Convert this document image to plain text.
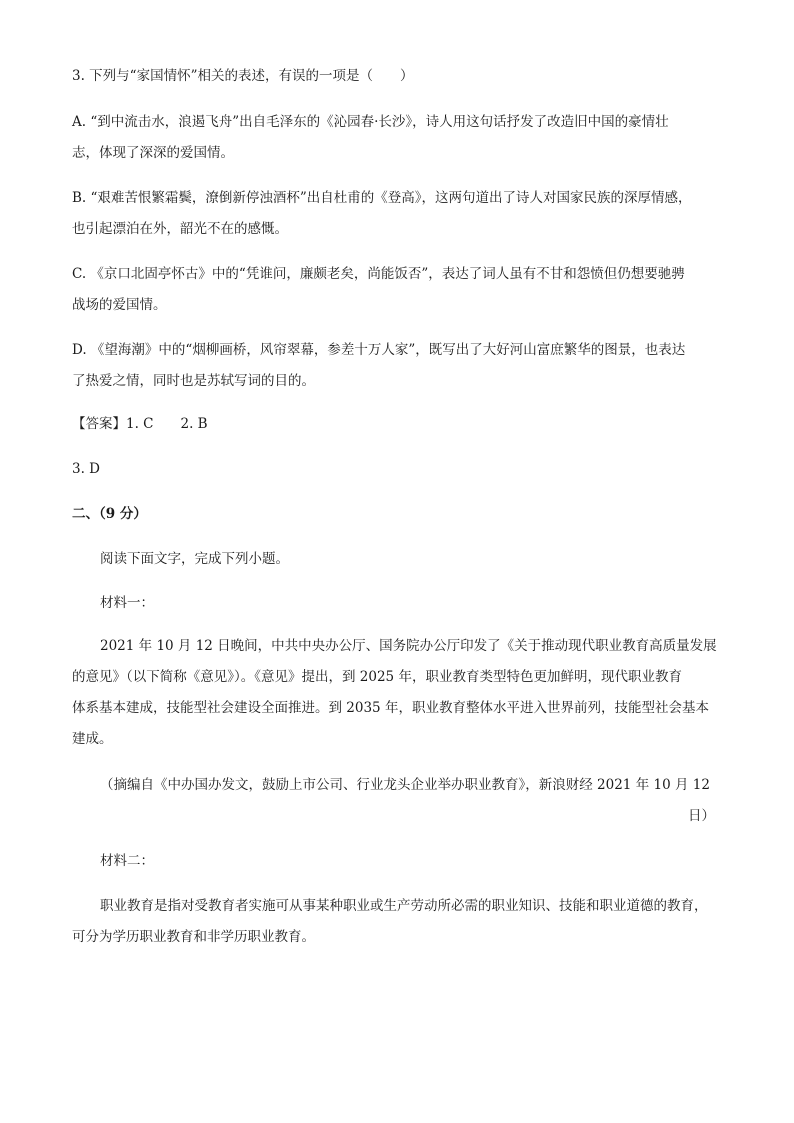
3. 下列与“家国情怀”相关的表述，有误的一项是（　　）
A. “到中流击水，浪遏飞舟”出自毛泽东的《沁园春·长沙》，诗人用这句话抒发了改造旧中国的豪情壮
志，体现了深深的爱国情。
B. “艰难苦恨繁霜鬓，潦倒新停浊酒杯”出自杜甫的《登高》，这两句道出了诗人对国家民族的深厚情感，
也引起漂泊在外，韶光不在的感慨。
C. 《京口北固亭怀古》中的“凭谁问，廉颇老矣，尚能饭否”，表达了词人虽有不甘和怨愤但仍想要驰骋
战场的爱国情。
D. 《望海潮》中的“烟柳画桥，风帘翠幕，参差十万人家”，既写出了大好河山富庶繁华的图景，也表达
了热爱之情，同时也是苏轼写词的目的。
【答案】1. C　　2. B
3. D
二、（9 分）
阅读下面文字，完成下列小题。
材料一：
2021 年 10 月 12 日晚间，中共中央办公厅、国务院办公厅印发了《关于推动现代职业教育高质量发展
的意见》（以下简称《意见》）。《意见》提出，到 2025 年，职业教育类型特色更加鲜明，现代职业教育
体系基本建成，技能型社会建设全面推进。到 2035 年，职业教育整体水平进入世界前列，技能型社会基本
建成。
（摘编自《中办国办发文，鼓励上市公司、行业龙头企业举办职业教育》，新浪财经 2021 年 10 月 12
日）
材料二：
职业教育是指对受教育者实施可从事某种职业或生产劳动所必需的职业知识、技能和职业道德的教育，
可分为学历职业教育和非学历职业教育。
